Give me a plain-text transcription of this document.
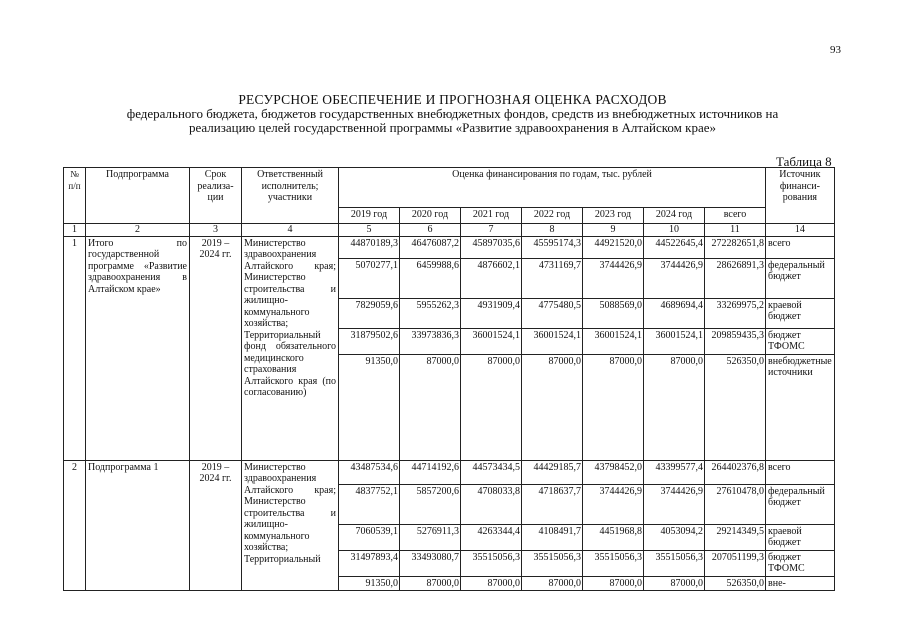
93
РЕСУРСНОЕ ОБЕСПЕЧЕНИЕ И ПРОГНОЗНАЯ ОЦЕНКА РАСХОДОВ
федерального бюджета, бюджетов государственных внебюджетных фондов, средств из внебюджетных источников на
реализацию целей государственной программы «Развитие здравоохранения в Алтайском крае»
Таблица 8
№ п/п	Подпрограмма	Срок реализа-ции	Ответственный исполнитель; участники	Оценка финансирования по годам, тыс. рублей							Источник финанси-рования
				2019 год	2020 год	2021 год	2022 год	2023 год	2024 год	всего	
1	2	3	4	5	6	7	8	9	10	11	14
1	Итого по государственной программе «Развитие здравоохранения в Алтайском крае»	2019 – 2024 гг.	Министерство здравоохранения Алтайского края; Министерство строительства и жилищно-коммунального хозяйства; Территориальный фонд обязательного медицинского страхования Алтайского края (по согласованию)	44870189,3	46476087,2	45897035,6	45595174,3	44921520,0	44522645,4	272282651,8	всего
				5070277,1	6459988,6	4876602,1	4731169,7	3744426,9	3744426,9	28626891,3	федеральный бюджет
				7829059,6	5955262,3	4931909,4	4775480,5	5088569,0	4689694,4	33269975,2	краевой бюджет
				31879502,6	33973836,3	36001524,1	36001524,1	36001524,1	36001524,1	209859435,3	бюджет ТФОМС
				91350,0	87000,0	87000,0	87000,0	87000,0	87000,0	526350,0	внебюджетные источники
2	Подпрограмма 1	2019 – 2024 гг.	Министерство здравоохранения Алтайского края; Министерство строительства и жилищно-коммунального хозяйства; Территориальный	43487534,6	44714192,6	44573434,5	44429185,7	43798452,0	43399577,4	264402376,8	всего
				4837752,1	5857200,6	4708033,8	4718637,7	3744426,9	3744426,9	27610478,0	федеральный бюджет
				7060539,1	5276911,3	4263344,4	4108491,7	4451968,8	4053094,2	29214349,5	краевой бюджет
				31497893,4	33493080,7	35515056,3	35515056,3	35515056,3	35515056,3	207051199,3	бюджет ТФОМС
				91350,0	87000,0	87000,0	87000,0	87000,0	87000,0	526350,0	вне-
